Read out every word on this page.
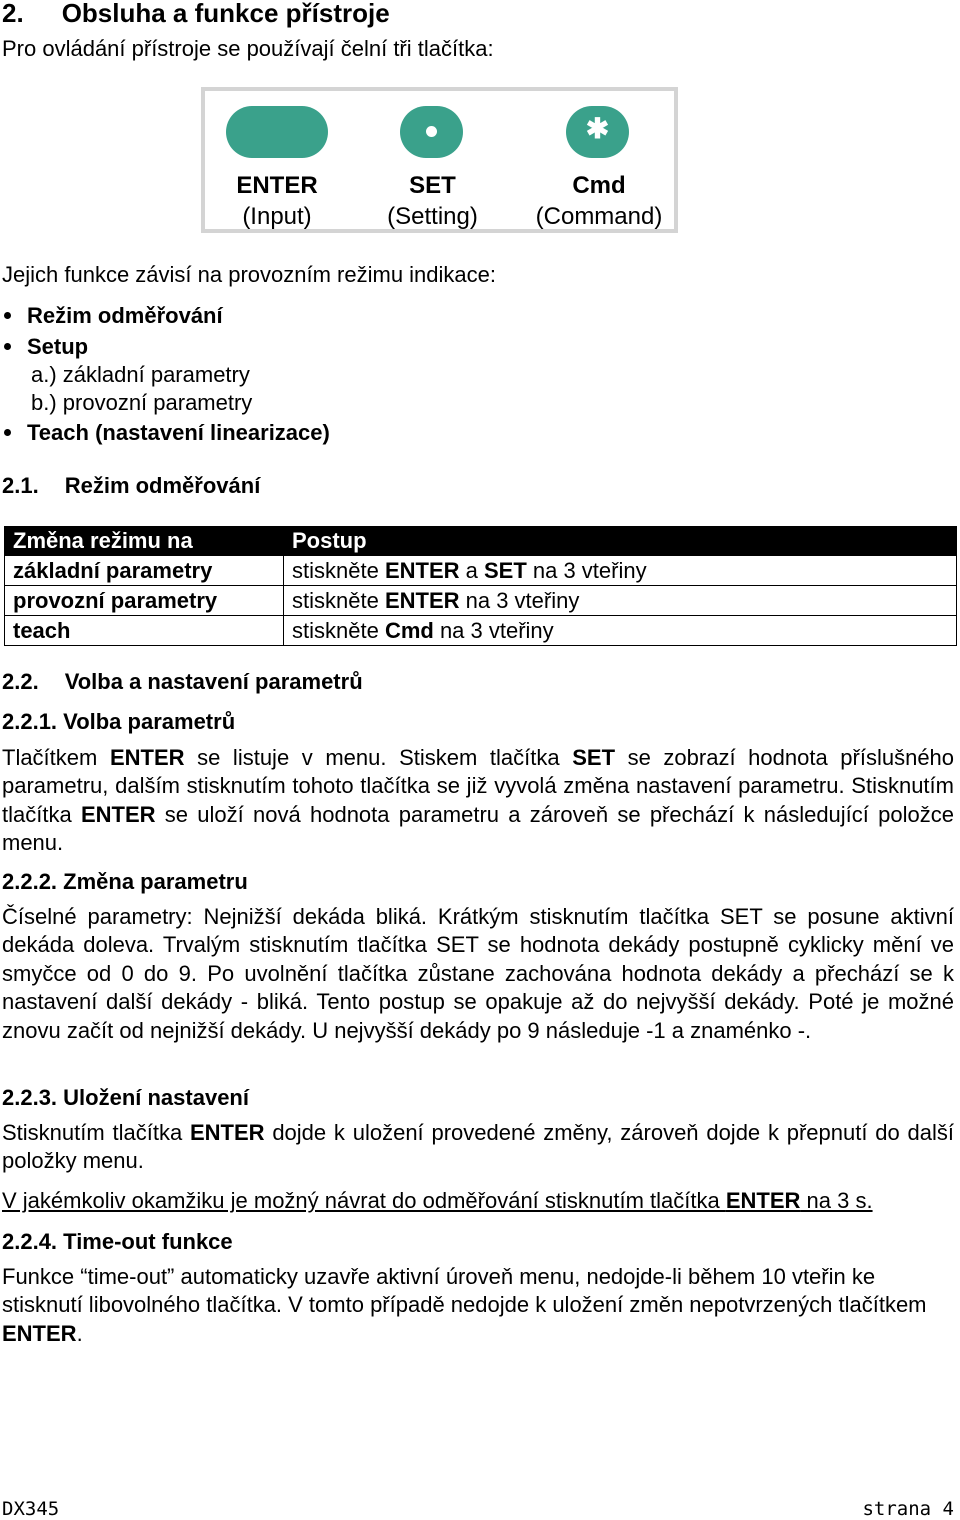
2. Obsluha a funkce přístroje
Pro ovládání přístroje se používají čelní tři tlačítka:
✱
ENTER
(Input)
SET
(Setting)
Cmd
(Command)
Jejich funkce závisí na provozním režimu indikace:
Režim odměřování
Setup
a.) základní parametry
b.) provozní parametry
Teach (nastavení linearizace)
2.1. Režim odměřování
Změna režimu na	Postup
základní parametry	stiskněte ENTER a SET na 3 vteřiny
provozní parametry	stiskněte ENTER na 3 vteřiny
teach	stiskněte Cmd na 3 vteřiny
2.2. Volba a nastavení parametrů
2.2.1. Volba parametrů
Tlačítkem ENTER se listuje v menu. Stiskem tlačítka SET se zobrazí hodnota příslušného parametru, dalším stisknutím tohoto tlačítka se již vyvolá změna nastavení parametru. Stisknutím tlačítka ENTER se uloží nová hodnota parametru a zároveň se přechází k následující položce menu.
2.2.2. Změna parametru
Číselné parametry: Nejnižší dekáda bliká. Krátkým stisknutím tlačítka SET se posune aktivní dekáda doleva. Trvalým stisknutím tlačítka SET se hodnota dekády postupně cyklicky mění ve smyčce od 0 do 9. Po uvolnění tlačítka zůstane zachována hodnota dekády a přechází se k nastavení další dekády - bliká. Tento postup se opakuje až do nejvyšší dekády. Poté je možné znovu začít od nejnižší dekády. U nejvyšší dekády po 9 následuje -1 a znaménko -.
2.2.3. Uložení nastavení
Stisknutím tlačítka ENTER dojde k uložení provedené změny, zároveň dojde k přepnutí do další položky menu.
V jakémkoliv okamžiku je možný návrat do odměřování stisknutím tlačítka ENTER na 3 s.
2.2.4. Time-out funkce
Funkce “time-out” automaticky uzavře aktivní úroveň menu, nedojde-li během 10 vteřin ke stisknutí libovolného tlačítka. V tomto případě nedojde k uložení změn nepotvrzených tlačítkem ENTER.
DX345	strana 4
